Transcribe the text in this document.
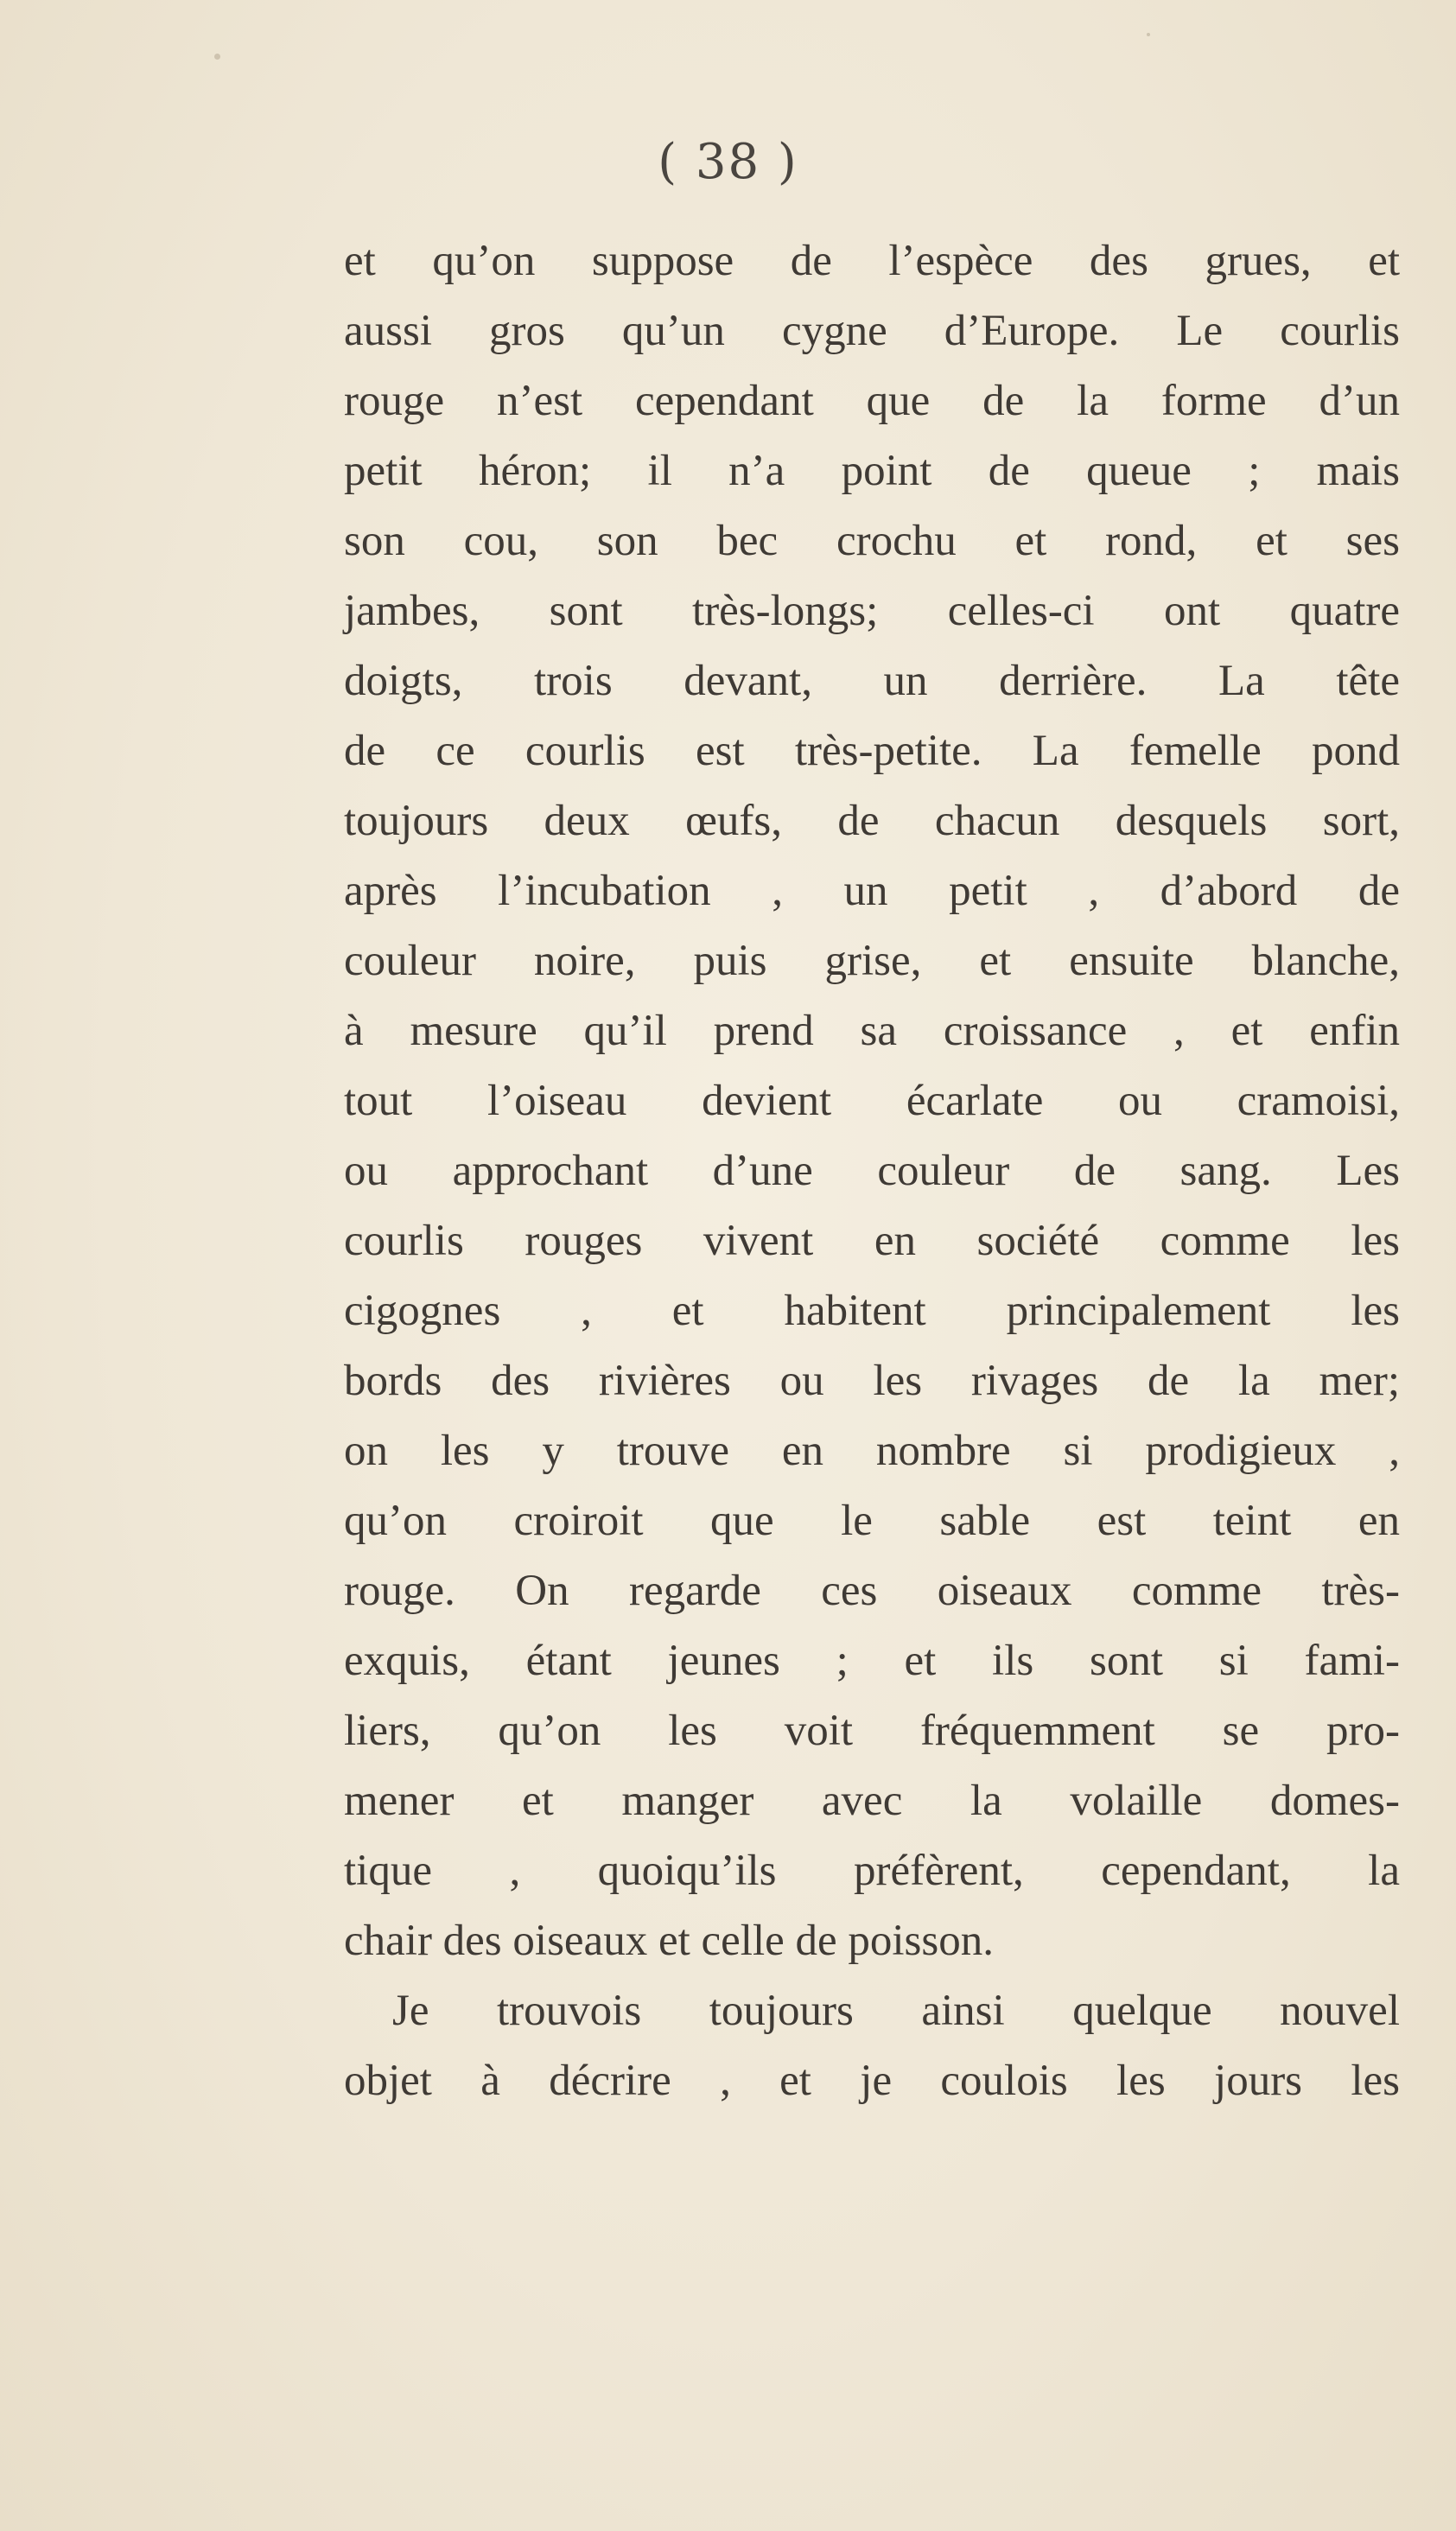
( 38 )
et qu’on suppose de l’espèce des grues, et
aussi gros qu’un cygne d’Europe. Le courlis
rouge n’est cependant que de la forme d’un
petit héron; il n’a point de queue ; mais
son cou, son bec crochu et rond, et ses
jambes, sont très-longs; celles-ci ont quatre
doigts, trois devant, un derrière. La tête
de ce courlis est très-petite. La femelle pond
toujours deux œufs, de chacun desquels sort,
après l’incubation , un petit , d’abord de
couleur noire, puis grise, et ensuite blanche,
à mesure qu’il prend sa croissance , et enfin
tout l’oiseau devient écarlate ou cramoisi,
ou approchant d’une couleur de sang. Les
courlis rouges vivent en société comme les
cigognes , et habitent principalement les
bords des rivières ou les rivages de la mer;
on les y trouve en nombre si prodigieux ,
qu’on croiroit que le sable est teint en
rouge. On regarde ces oiseaux comme très-
exquis, étant jeunes ; et ils sont si fami-
liers, qu’on les voit fréquemment se pro-
mener et manger avec la volaille domes-
tique , quoiqu’ils préfèrent, cependant, la
chair des oiseaux et celle de poisson.
Je trouvois toujours ainsi quelque nouvel
objet à décrire , et je coulois les jours les
